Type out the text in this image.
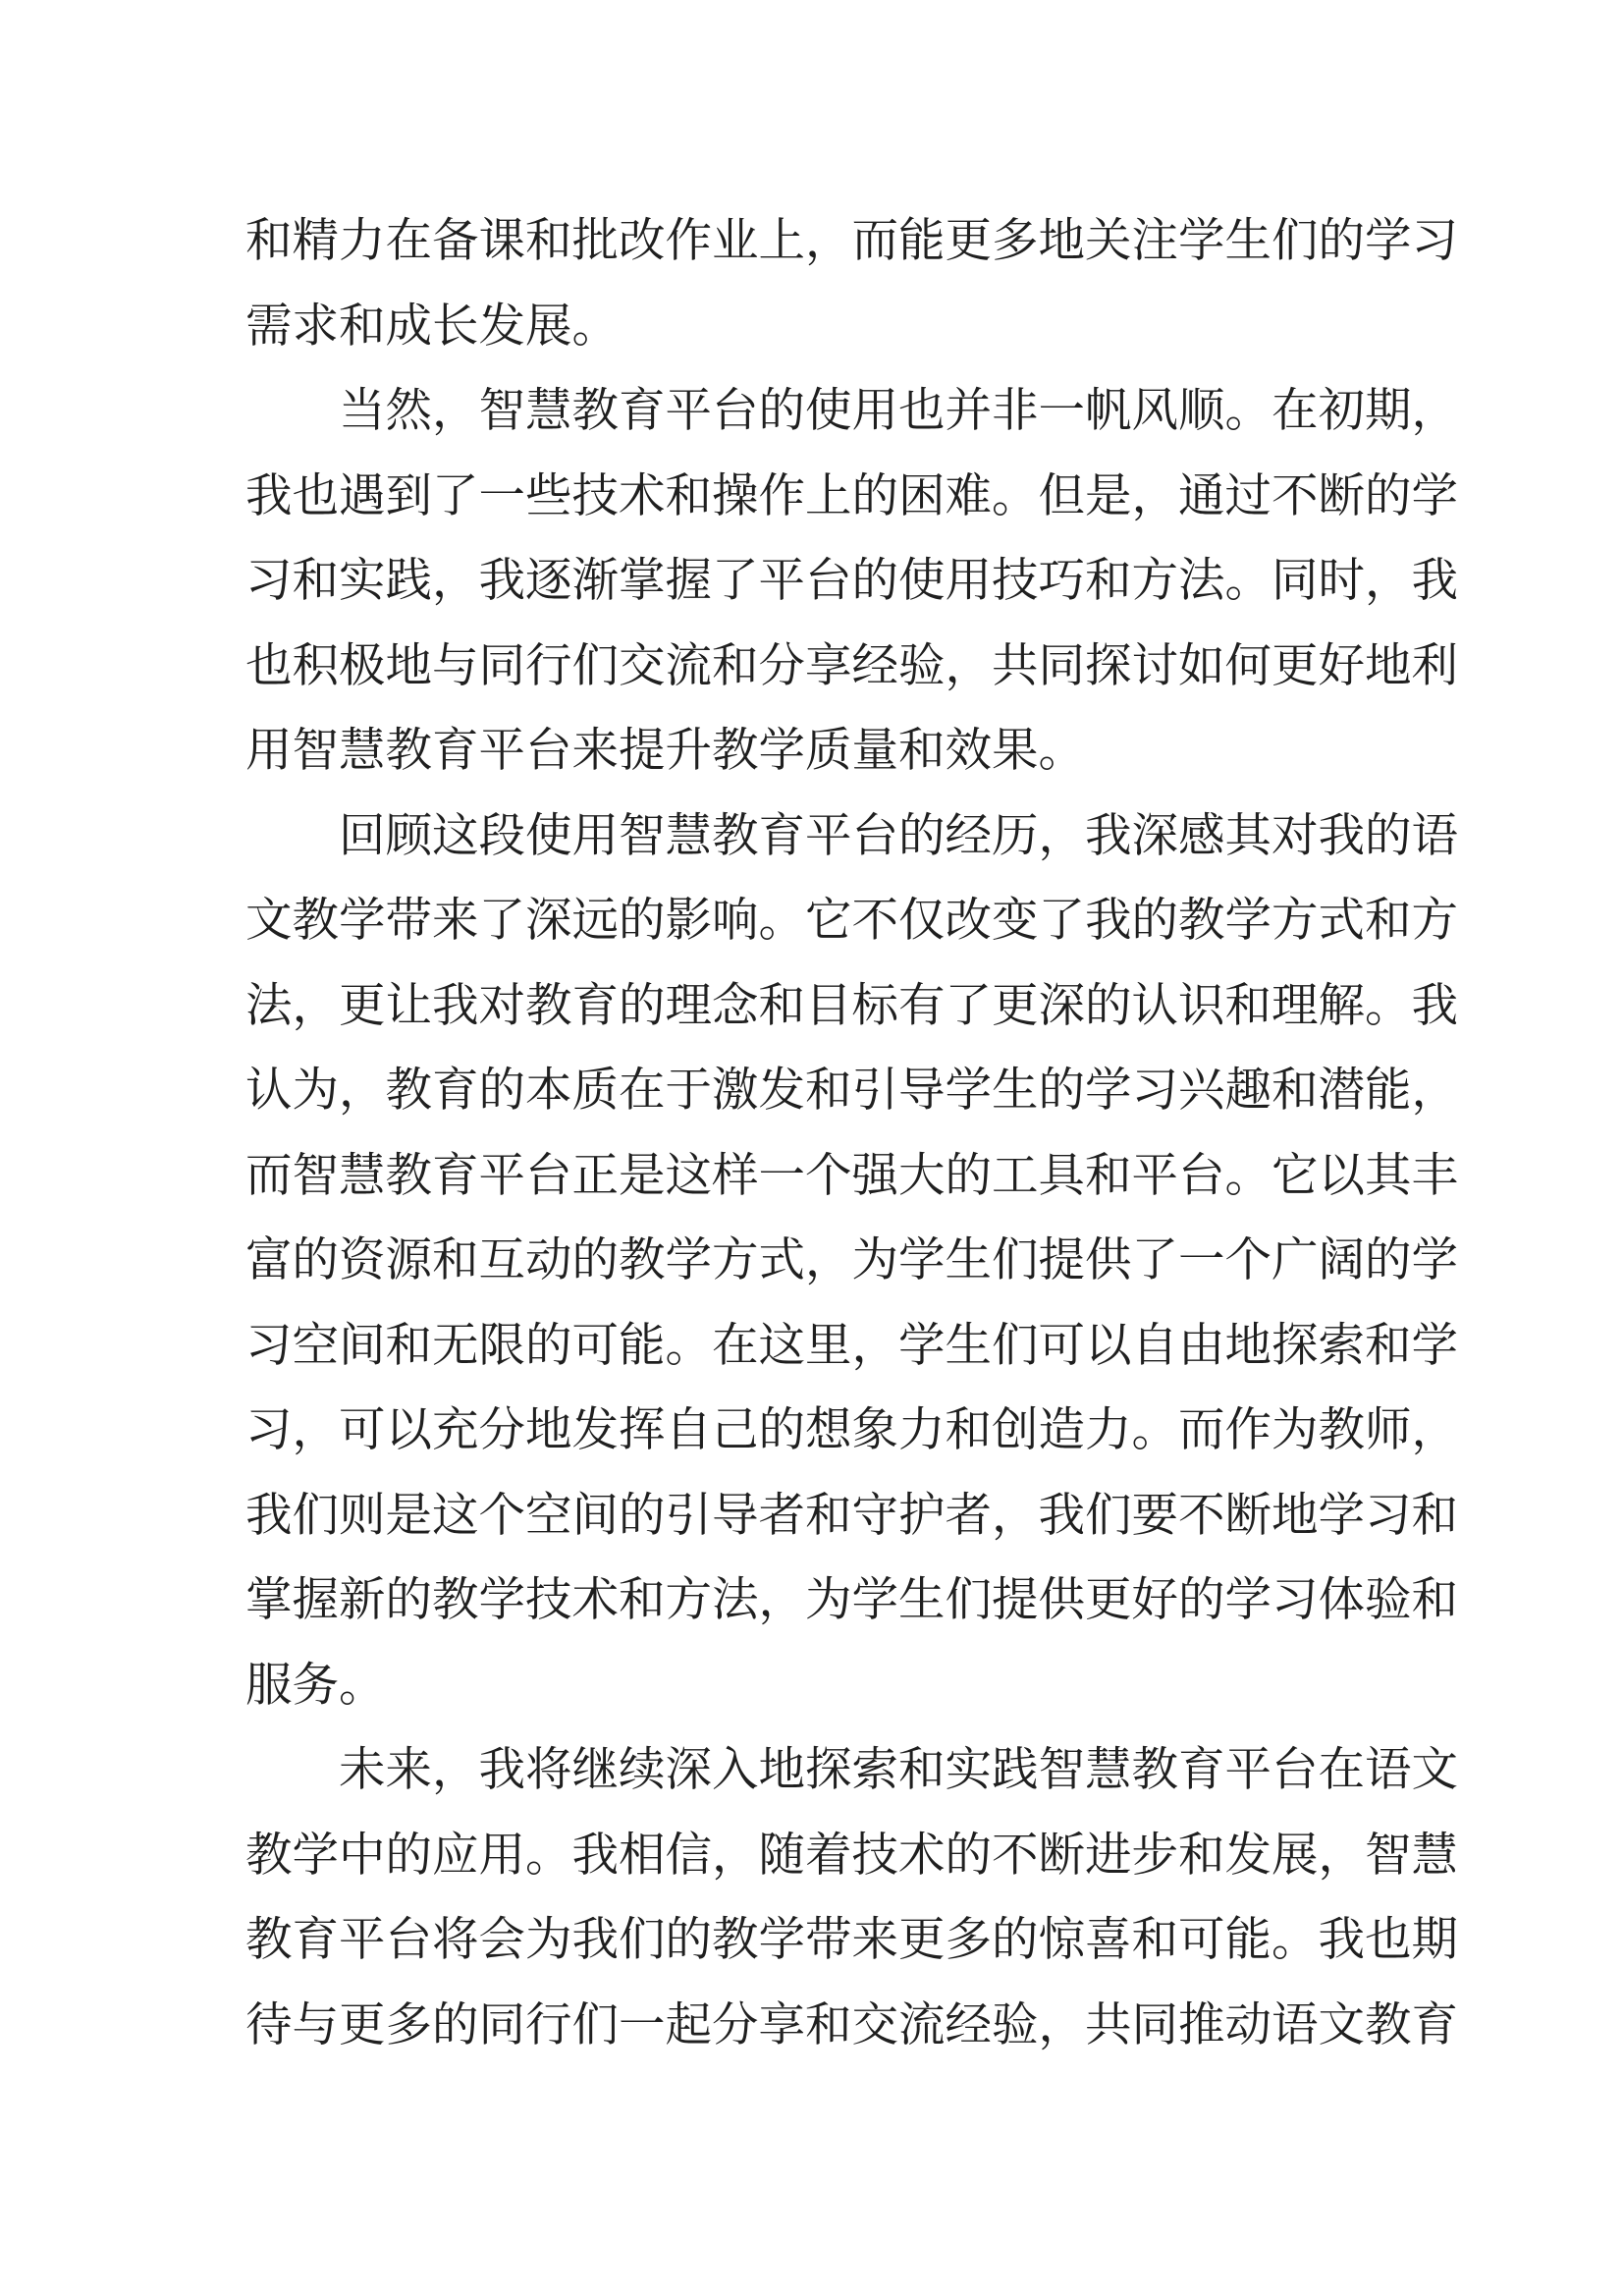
和精力在备课和批改作业上，而能更多地关注学生们的学习
需求和成长发展。
当然，智慧教育平台的使用也并非一帆风顺。在初期，
我也遇到了一些技术和操作上的困难。但是，通过不断的学
习和实践，我逐渐掌握了平台的使用技巧和方法。同时，我
也积极地与同行们交流和分享经验，共同探讨如何更好地利
用智慧教育平台来提升教学质量和效果。
回顾这段使用智慧教育平台的经历，我深感其对我的语
文教学带来了深远的影响。它不仅改变了我的教学方式和方
法，更让我对教育的理念和目标有了更深的认识和理解。我
认为，教育的本质在于激发和引导学生的学习兴趣和潜能，
而智慧教育平台正是这样一个强大的工具和平台。它以其丰
富的资源和互动的教学方式，为学生们提供了一个广阔的学
习空间和无限的可能。在这里，学生们可以自由地探索和学
习，可以充分地发挥自己的想象力和创造力。而作为教师，
我们则是这个空间的引导者和守护者，我们要不断地学习和
掌握新的教学技术和方法，为学生们提供更好的学习体验和
服务。
未来，我将继续深入地探索和实践智慧教育平台在语文
教学中的应用。我相信，随着技术的不断进步和发展，智慧
教育平台将会为我们的教学带来更多的惊喜和可能。我也期
待与更多的同行们一起分享和交流经验，共同推动语文教育
